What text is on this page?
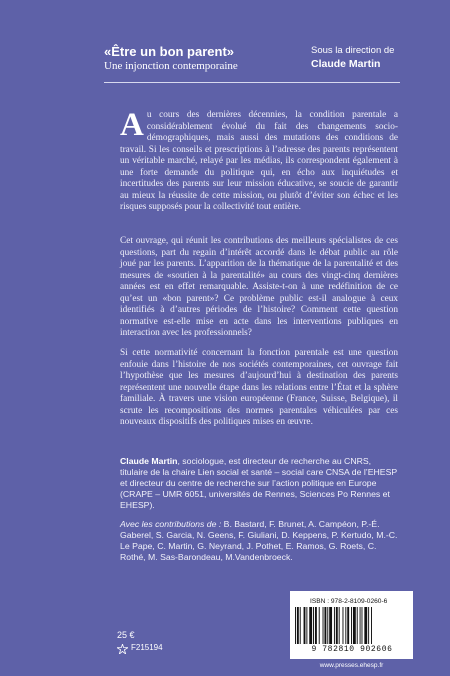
«Être un bon parent»
Une injonction contemporaine
Sous la direction de
Claude Martin

Au cours des dernières décennies, la condition parentale a considérablement évolué du fait des changements socio-démographiques, mais aussi des mutations des conditions de travail. Si les conseils et prescriptions à l’adresse des parents représentent un véritable marché, relayé par les médias, ils correspondent également à une forte demande du politique qui, en écho aux inquiétudes et incertitudes des parents sur leur mission éducative, se soucie de garantir au mieux la réussite de cette mission, ou plutôt d’éviter son échec et les risques supposés pour la collectivité tout entière.

Cet ouvrage, qui réunit les contributions des meilleurs spécialistes de ces questions, part du regain d’intérêt accordé dans le débat public au rôle joué par les parents. L’apparition de la thématique de la parentalité et des mesures de «soutien à la parentalité» au cours des vingt-cinq dernières années est en effet remarquable. Assiste-t-on à une redéfinition de ce qu’est un «bon parent»? Ce problème public est-il analogue à ceux identifiés à d’autres périodes de l’histoire? Comment cette question normative est-elle mise en acte dans les interventions publiques en interaction avec les professionnels?

Si cette normativité concernant la fonction parentale est une question enfouie dans l’histoire de nos sociétés contemporaines, cet ouvrage fait l’hypothèse que les mesures d’aujourd’hui à destination des parents représentent une nouvelle étape dans les relations entre l’État et la sphère familiale. À travers une vision européenne (France, Suisse, Belgique), il scrute les recompositions des normes parentales véhiculées par ces nouveaux dispositifs des politiques mises en œuvre.

Claude Martin, sociologue, est directeur de recherche au CNRS, titulaire de la chaire Lien social et santé – social care CNSA de l’EHESP et directeur du centre de recherche sur l’action politique en Europe (CRAPE – UMR 6051, universités de Rennes, Sciences Po Rennes et EHESP).
Avec les contributions de : B. Bastard, F. Brunet, A. Campéon, P.-É. Gaberel, S. Garcia, N. Geens, F. Giuliani, D. Keppens, P. Kertudo, M.-C. Le Pape, C. Martin, G. Neyrand, J. Pothet, E. Ramos, G. Roets, C. Rothé, M. Sas-Barondeau, M.Vandenbroeck.
25 €
F215194
ISBN : 978-2-8109-0260-6
9 782810 902606
www.presses.ehesp.fr
